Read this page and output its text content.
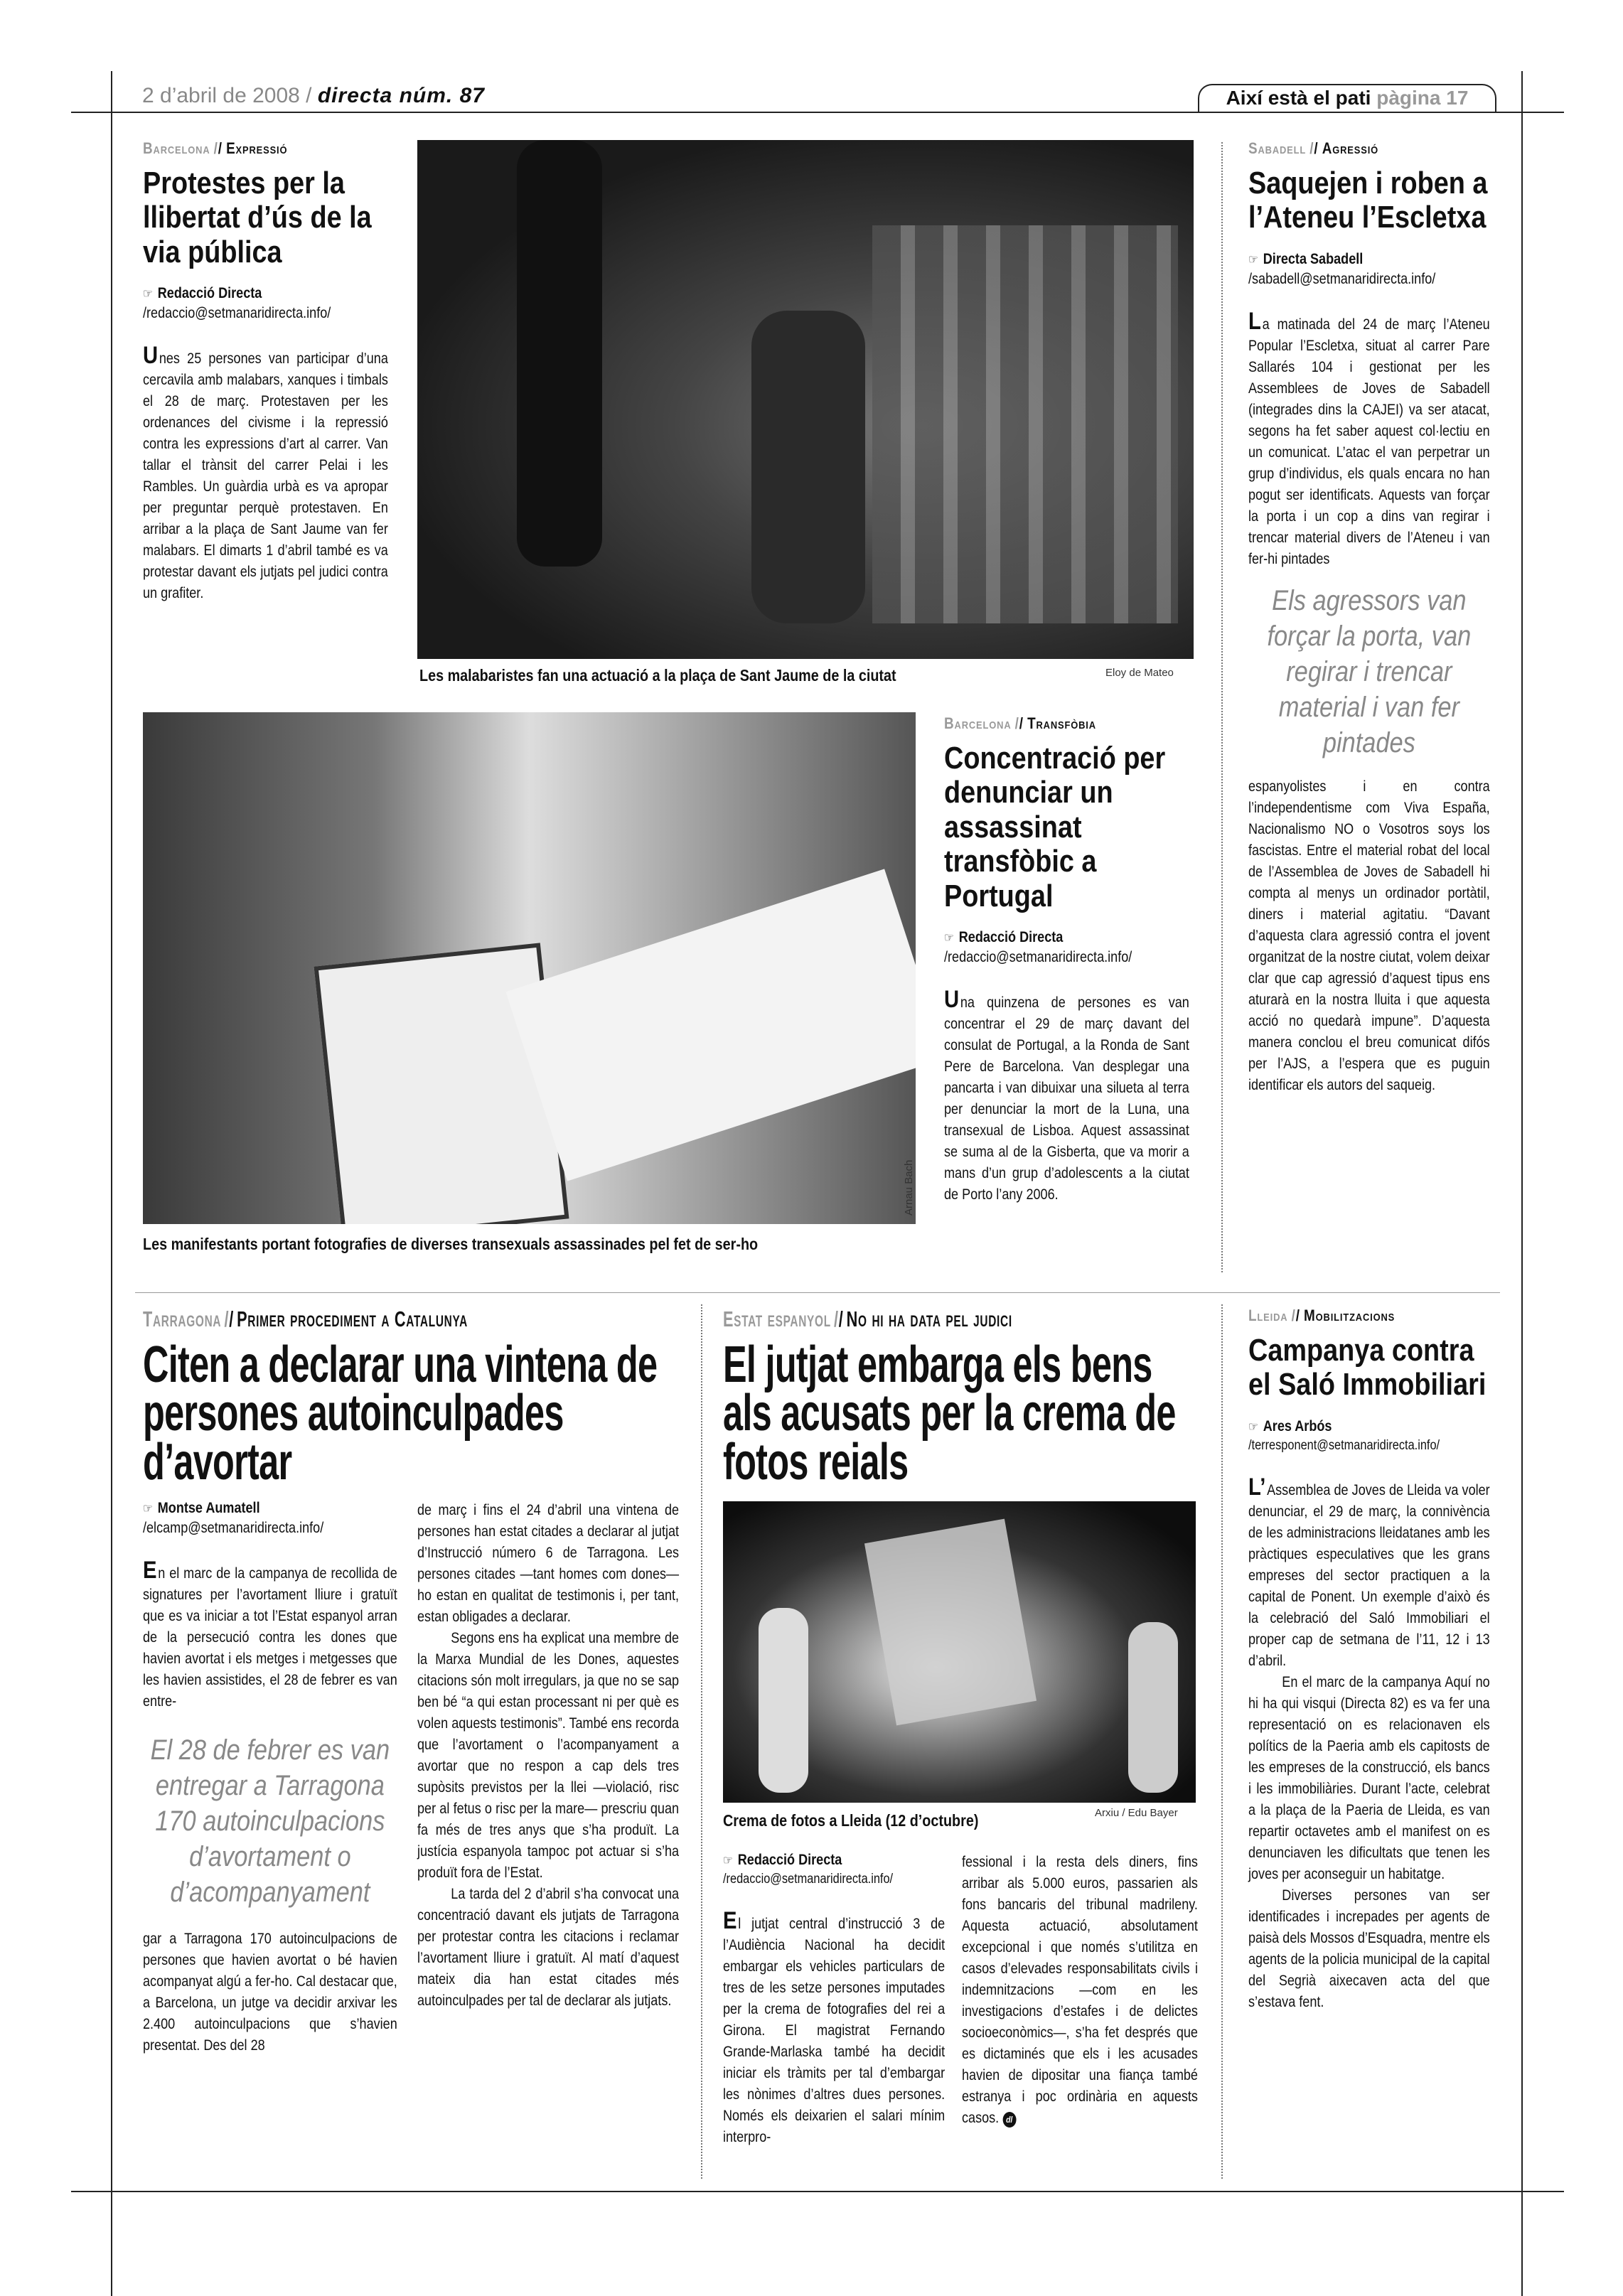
2 d’abril de 2008 / directa núm. 87	Així està el pati pàgina 17
Barcelona // Expressió
Protestes per la llibertat d’ús de la via pública
☞ Redacció Directa
/redaccio@setmanaridirecta.info/
Unes 25 persones van participar d’una cercavila amb malabars, xanques i timbals el 28 de març. Protestaven per les ordenances del civisme i la repressió contra les expressions d’art al carrer. Van tallar el trànsit del carrer Pelai i les Rambles. Un guàrdia urbà es va apropar per preguntar perquè protestaven. En arribar a la plaça de Sant Jaume van fer malabars. El dimarts 1 d’abril també es va protestar davant els jutjats pel judici contra un grafiter.
Les malabaristes fan una actuació a la plaça de Sant Jaume de la ciutat	Eloy de Mateo
Sabadell // Agressió
Saquejen i roben a l’Ateneu l’Escletxa
☞ Directa Sabadell
/sabadell@setmanaridirecta.info/
La matinada del 24 de març l’Ateneu Popular l’Escletxa, situat al carrer Pare Sallarés 104 i gestionat per les Assemblees de Joves de Sabadell (integrades dins la CAJEI) va ser atacat, segons ha fet saber aquest col·lectiu en un comunicat. L’atac el van perpetrar un grup d’individus, els quals encara no han pogut ser identificats. Aquests van forçar la porta i un cop a dins van regirar i trencar material divers de l’Ateneu i van fer-hi pintades
Els agressors van forçar la porta, van regirar i trencar material i van fer pintades
espanyolistes i en contra l’independentisme com Viva España, Nacionalismo NO o Vosotros soys los fascistas. Entre el material robat del local de l’Assemblea de Joves de Sabadell hi compta al menys un ordinador portàtil, diners i material agitatiu. “Davant d’aquesta clara agressió contra el jovent organitzat de la nostre ciutat, volem deixar clar que cap agressió d’aquest tipus ens aturarà en la nostra lluita i que aquesta acció no quedarà impune”. D’aquesta manera conclou el breu comunicat difós per l’AJS, a l’espera que es puguin identificar els autors del saqueig.
Arnau Bach
Les manifestants portant fotografies de diverses transexuals assassinades pel fet de ser-ho
Barcelona // Transfòbia
Concentració per denunciar un assassinat transfòbic a Portugal
☞ Redacció Directa
/redaccio@setmanaridirecta.info/
Una quinzena de persones es van concentrar el 29 de març davant del consulat de Portugal, a la Ronda de Sant Pere de Barcelona. Van desplegar una pancarta i van dibuixar una silueta al terra per denunciar la mort de la Luna, una transexual de Lisboa. Aquest assassinat se suma al de la Gisberta, que va morir a mans d’un grup d’adolescents a la ciutat de Porto l’any 2006.
Tarragona // Primer procediment a Catalunya
Citen a declarar una vintena de persones autoinculpades d’avortar
☞ Montse Aumatell
/elcamp@setmanaridirecta.info/
En el marc de la campanya de recollida de signatures per l’avortament lliure i gratuït que es va iniciar a tot l’Estat espanyol arran de la persecució contra les dones que havien avortat i els metges i metgesses que les havien assistides, el 28 de febrer es van entre-
El 28 de febrer es van entregar a Tarragona 170 autoinculpacions d’avortament o d’acompanyament
gar a Tarragona 170 autoinculpacions de persones que havien avortat o bé havien acompanyat algú a fer-ho. Cal destacar que, a Barcelona, un jutge va decidir arxivar les 2.400 autoinculpacions que s’havien presentat. Des del 28

de març i fins el 24 d’abril una vintena de persones han estat citades a declarar al jutjat d’Instrucció número 6 de Tarragona. Les persones citades —tant homes com dones— ho estan en qualitat de testimonis i, per tant, estan obligades a declarar.

Segons ens ha explicat una membre de la Marxa Mundial de les Dones, aquestes citacions són molt irregulars, ja que no se sap ben bé “a qui estan processant ni per què es volen aquests testimonis”. També ens recorda que l’avortament o l’acompanyament a avortar que no respon a cap dels tres supòsits previstos per la llei —violació, risc per al fetus o risc per la mare— prescriu quan fa més de tres anys que s’ha produït. La justícia espanyola tampoc pot actuar si s’ha produït fora de l’Estat.

La tarda del 2 d’abril s’ha convocat una concentració davant els jutjats de Tarragona per protestar contra les citacions i reclamar l’avortament lliure i gratuït. Al matí d’aquest mateix dia han estat citades més autoinculpades per tal de declarar als jutjats.

Estat espanyol // No hi ha data pel judici
El jutjat embarga els bens als acusats per la crema de fotos reials
Crema de fotos a Lleida (12 d’octubre)	Arxiu / Edu Bayer
☞ Redacció Directa
/redaccio@setmanaridirecta.info/
El jutjat central d’instrucció 3 de l’Audiència Nacional ha decidit embargar els vehicles particulars de tres de les setze persones imputades per la crema de fotografies del rei a Girona. El magistrat Fernando Grande-Marlaska també ha decidit iniciar els tràmits per tal d’embargar les nònimes d’altres dues persones. Només els deixarien el salari mínim interpro-
fessional i la resta dels diners, fins arribar als 5.000 euros, passarien als fons bancaris del tribunal madrileny. Aquesta actuació, absolutament excepcional i que només s’utilitza en casos d’elevades responsabilitats civils i indemnitzacions —com en les investigacions d’estafes i de delictes socioeconòmics—, s’ha fet després que es dictaminés que els i les acusades havien de dipositar una fiança també estranya i poc ordinària en aquests casos. dl
Lleida // Mobilitzacions
Campanya contra el Saló Immobiliari
☞ Ares Arbós
/terresponent@setmanaridirecta.info/

L’Assemblea de Joves de Lleida va voler denunciar, el 29 de març, la connivència de les administracions lleidatanes amb les pràctiques especulatives que les grans empreses del sector practiquen a la capital de Ponent. Un exemple d’això és la celebració del Saló Immobiliari el proper cap de setmana de l’11, 12 i 13 d’abril.

En el marc de la campanya Aquí no hi ha qui visqui (Directa 82) es va fer una representació on es relacionaven els polítics de la Paeria amb els capitosts de les empreses de la construcció, els bancs i les immobiliàries. Durant l’acte, celebrat a la plaça de la Paeria de Lleida, es van repartir octavetes amb el manifest on es denunciaven les dificultats que tenen les joves per aconseguir un habitatge.

Diverses persones van ser identificades i increpades per agents de paisà dels Mossos d’Esquadra, mentre els agents de la policia municipal de la capital del Segrià aixecaven acta del que s’estava fent.
